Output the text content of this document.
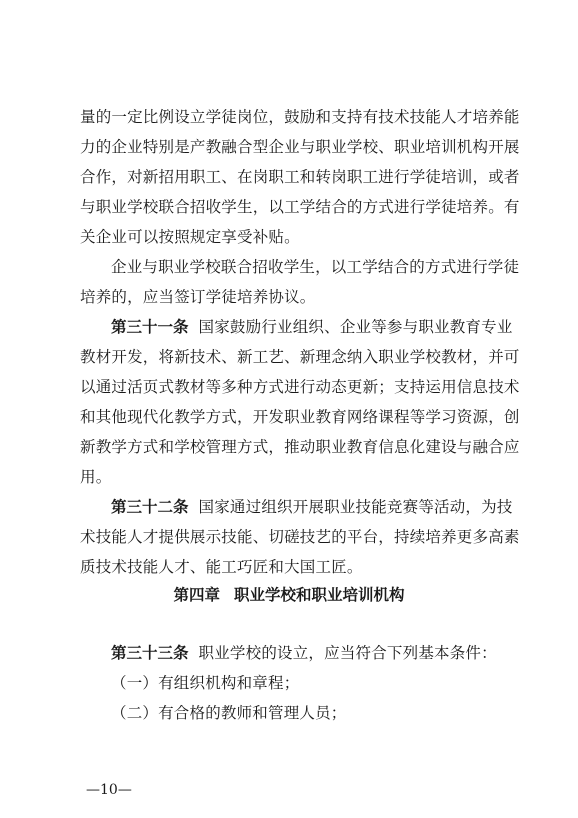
量的一定比例设立学徒岗位，鼓励和支持有技术技能人才培养能
力的企业特别是产教融合型企业与职业学校、职业培训机构开展
合作，对新招用职工、在岗职工和转岗职工进行学徒培训，或者
与职业学校联合招收学生，以工学结合的方式进行学徒培养。有
关企业可以按照规定享受补贴。
企业与职业学校联合招收学生，以工学结合的方式进行学徒
培养的，应当签订学徒培养协议。
第三十一条 国家鼓励行业组织、企业等参与职业教育专业
教材开发，将新技术、新工艺、新理念纳入职业学校教材，并可
以通过活页式教材等多种方式进行动态更新；支持运用信息技术
和其他现代化教学方式，开发职业教育网络课程等学习资源，创
新教学方式和学校管理方式，推动职业教育信息化建设与融合应
用。
第三十二条 国家通过组织开展职业技能竞赛等活动，为技
术技能人才提供展示技能、切磋技艺的平台，持续培养更多高素
质技术技能人才、能工巧匠和大国工匠。
第四章 职业学校和职业培训机构
第三十三条 职业学校的设立，应当符合下列基本条件：
（一）有组织机构和章程；
（二）有合格的教师和管理人员；
—10—
